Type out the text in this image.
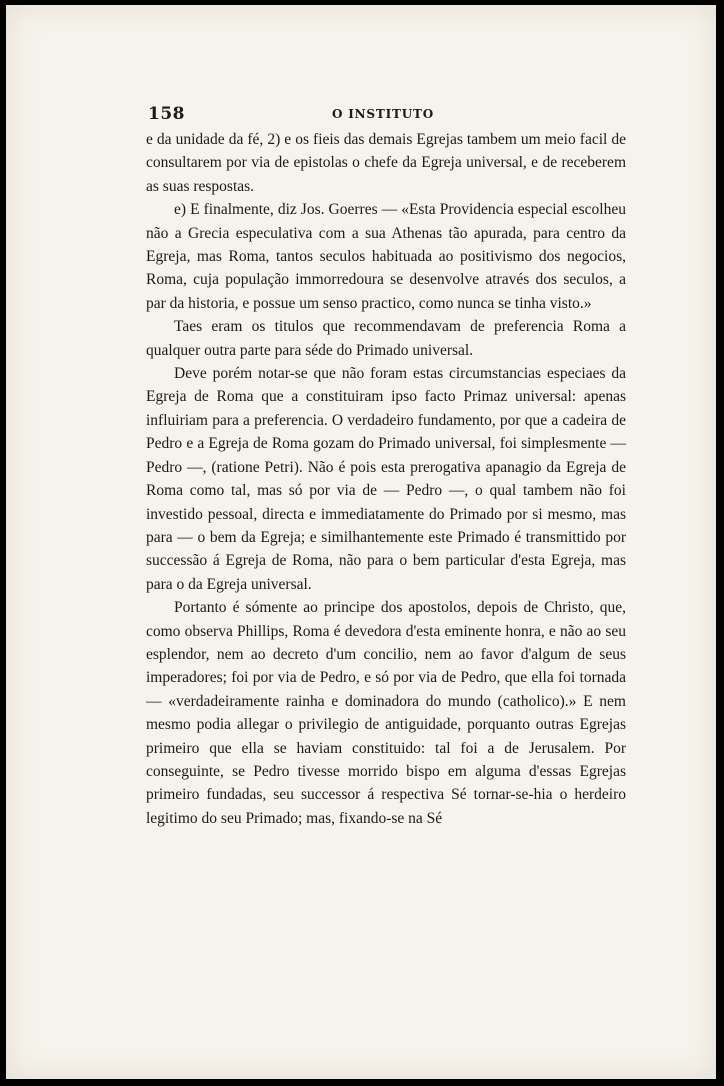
158	O INSTITUTO

e da unidade da fé, 2) e os fieis das demais Egrejas tambem um meio facil de consultarem por via de epistolas o chefe da Egreja universal, e de receberem as suas respostas.

e) E finalmente, diz Jos. Goerres — «Esta Providencia especial escolheu não a Grecia especulativa com a sua Athenas tão apurada, para centro da Egreja, mas Roma, tantos seculos habituada ao positivismo dos negocios, Roma, cuja população immorredoura se desenvolve através dos seculos, a par da historia, e possue um senso practico, como nunca se tinha visto.»

Taes eram os titulos que recommendavam de preferencia Roma a qualquer outra parte para séde do Primado universal.

Deve porém notar-se que não foram estas circumstancias especiaes da Egreja de Roma que a constituiram ipso facto Primaz universal: apenas influiriam para a preferencia. O verdadeiro fundamento, por que a cadeira de Pedro e a Egreja de Roma gozam do Primado universal, foi simplesmente — Pedro —, (ratione Petri). Não é pois esta prerogativa apanagio da Egreja de Roma como tal, mas só por via de — Pedro —, o qual tambem não foi investido pessoal, directa e immediatamente do Primado por si mesmo, mas para — o bem da Egreja; e similhantemente este Primado é transmittido por successão á Egreja de Roma, não para o bem particular d'esta Egreja, mas para o da Egreja universal.

Portanto é sómente ao principe dos apostolos, depois de Christo, que, como observa Phillips, Roma é devedora d'esta eminente honra, e não ao seu esplendor, nem ao decreto d'um concilio, nem ao favor d'algum de seus imperadores; foi por via de Pedro, e só por via de Pedro, que ella foi tornada — «verdadeiramente rainha e dominadora do mundo (catholico).» E nem mesmo podia allegar o privilegio de antiguidade, porquanto outras Egrejas primeiro que ella se haviam constituido: tal foi a de Jerusalem. Por conseguinte, se Pedro tivesse morrido bispo em alguma d'essas Egrejas primeiro fundadas, seu successor á respectiva Sé tornar-se-hia o herdeiro legitimo do seu Primado; mas, fixando-se na Sé
